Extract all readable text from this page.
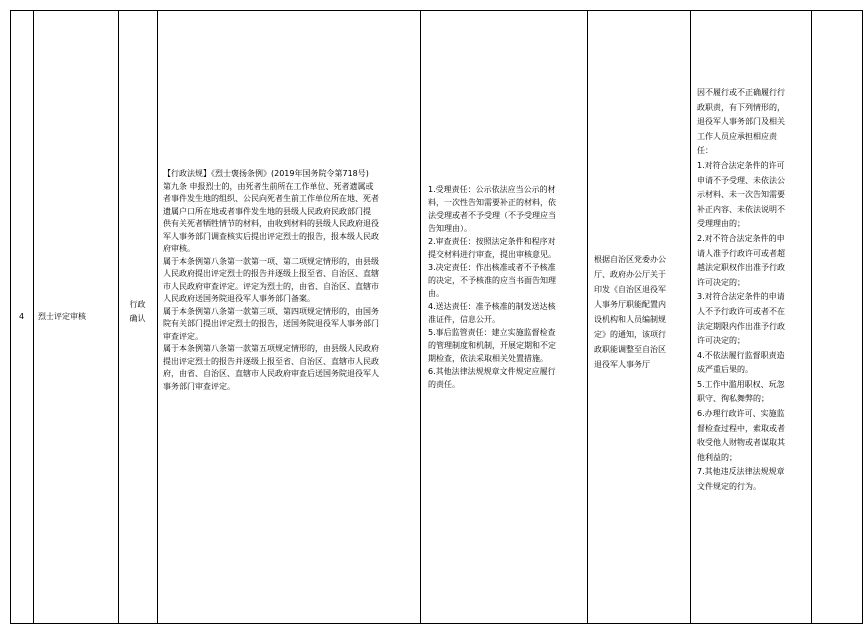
4	烈士评定审核
行政
确认
【行政法规】《烈士褒扬条例》(2019年国务院令第718号)
第九条 申报烈士的，由死者生前所在工作单位、死者遗属或
者事件发生地的组织、公民向死者生前工作单位所在地、死者
遗属户口所在地或者事件发生地的县级人民政府民政部门提
供有关死者牺牲情节的材料，由收到材料的县级人民政府退役
军人事务部门调查核实后提出评定烈士的报告，报本级人民政
府审核。
属于本条例第八条第一款第一项、第二项规定情形的，由县级
人民政府提出评定烈士的报告并逐级上报至省、自治区、直辖
市人民政府审查评定。评定为烈士的，由省、自治区、直辖市
人民政府送国务院退役军人事务部门备案。
属于本条例第八条第一款第三项、第四项规定情形的，由国务
院有关部门提出评定烈士的报告，送国务院退役军人事务部门
审查评定。
属于本条例第八条第一款第五项规定情形的，由县级人民政府
提出评定烈士的报告并逐级上报至省、自治区、直辖市人民政
府，由省、自治区、直辖市人民政府审查后送国务院退役军人
事务部门审查评定。
1.受理责任：公示依法应当公示的材
料，一次性告知需要补正的材料，依
法受理或者不予受理（不予受理应当
告知理由）。
2.审查责任：按照法定条件和程序对
提交材料进行审查，提出审核意见。
3.决定责任：作出核准或者不予核准
的决定，不予核准的应当书面告知理
由。
4.送达责任：准予核准的制发送达核
准证件，信息公开。
5.事后监管责任：建立实施监督检查
的管理制度和机制，开展定期和不定
期检查，依法采取相关处置措施。
6.其他法律法规规章文件规定应履行
的责任。
根据自治区党委办公
厅、政府办公厅关于
印发《自治区退役军
人事务厅职能配置内
设机构和人员编制规
定》的通知，该项行
政职能调整至自治区
退役军人事务厅
因不履行或不正确履行行
政职责，有下列情形的，
退役军人事务部门及相关
工作人员应承担相应责
任：
1.对符合法定条件的许可
申请不予受理、未依法公
示材料、未一次告知需要
补正内容、未依法说明不
受理理由的；
2.对不符合法定条件的申
请人准予行政许可或者超
越法定职权作出准予行政
许可决定的；
3.对符合法定条件的申请
人不予行政许可或者不在
法定期限内作出准予行政
许可决定的；
4.不依法履行监督职责造
成严重后果的。
5.工作中滥用职权、玩忽
职守、徇私舞弊的；
6.办理行政许可、实施监
督检查过程中，索取或者
收受他人财物或者谋取其
他利益的；
7.其他违反法律法规规章
文件规定的行为。
